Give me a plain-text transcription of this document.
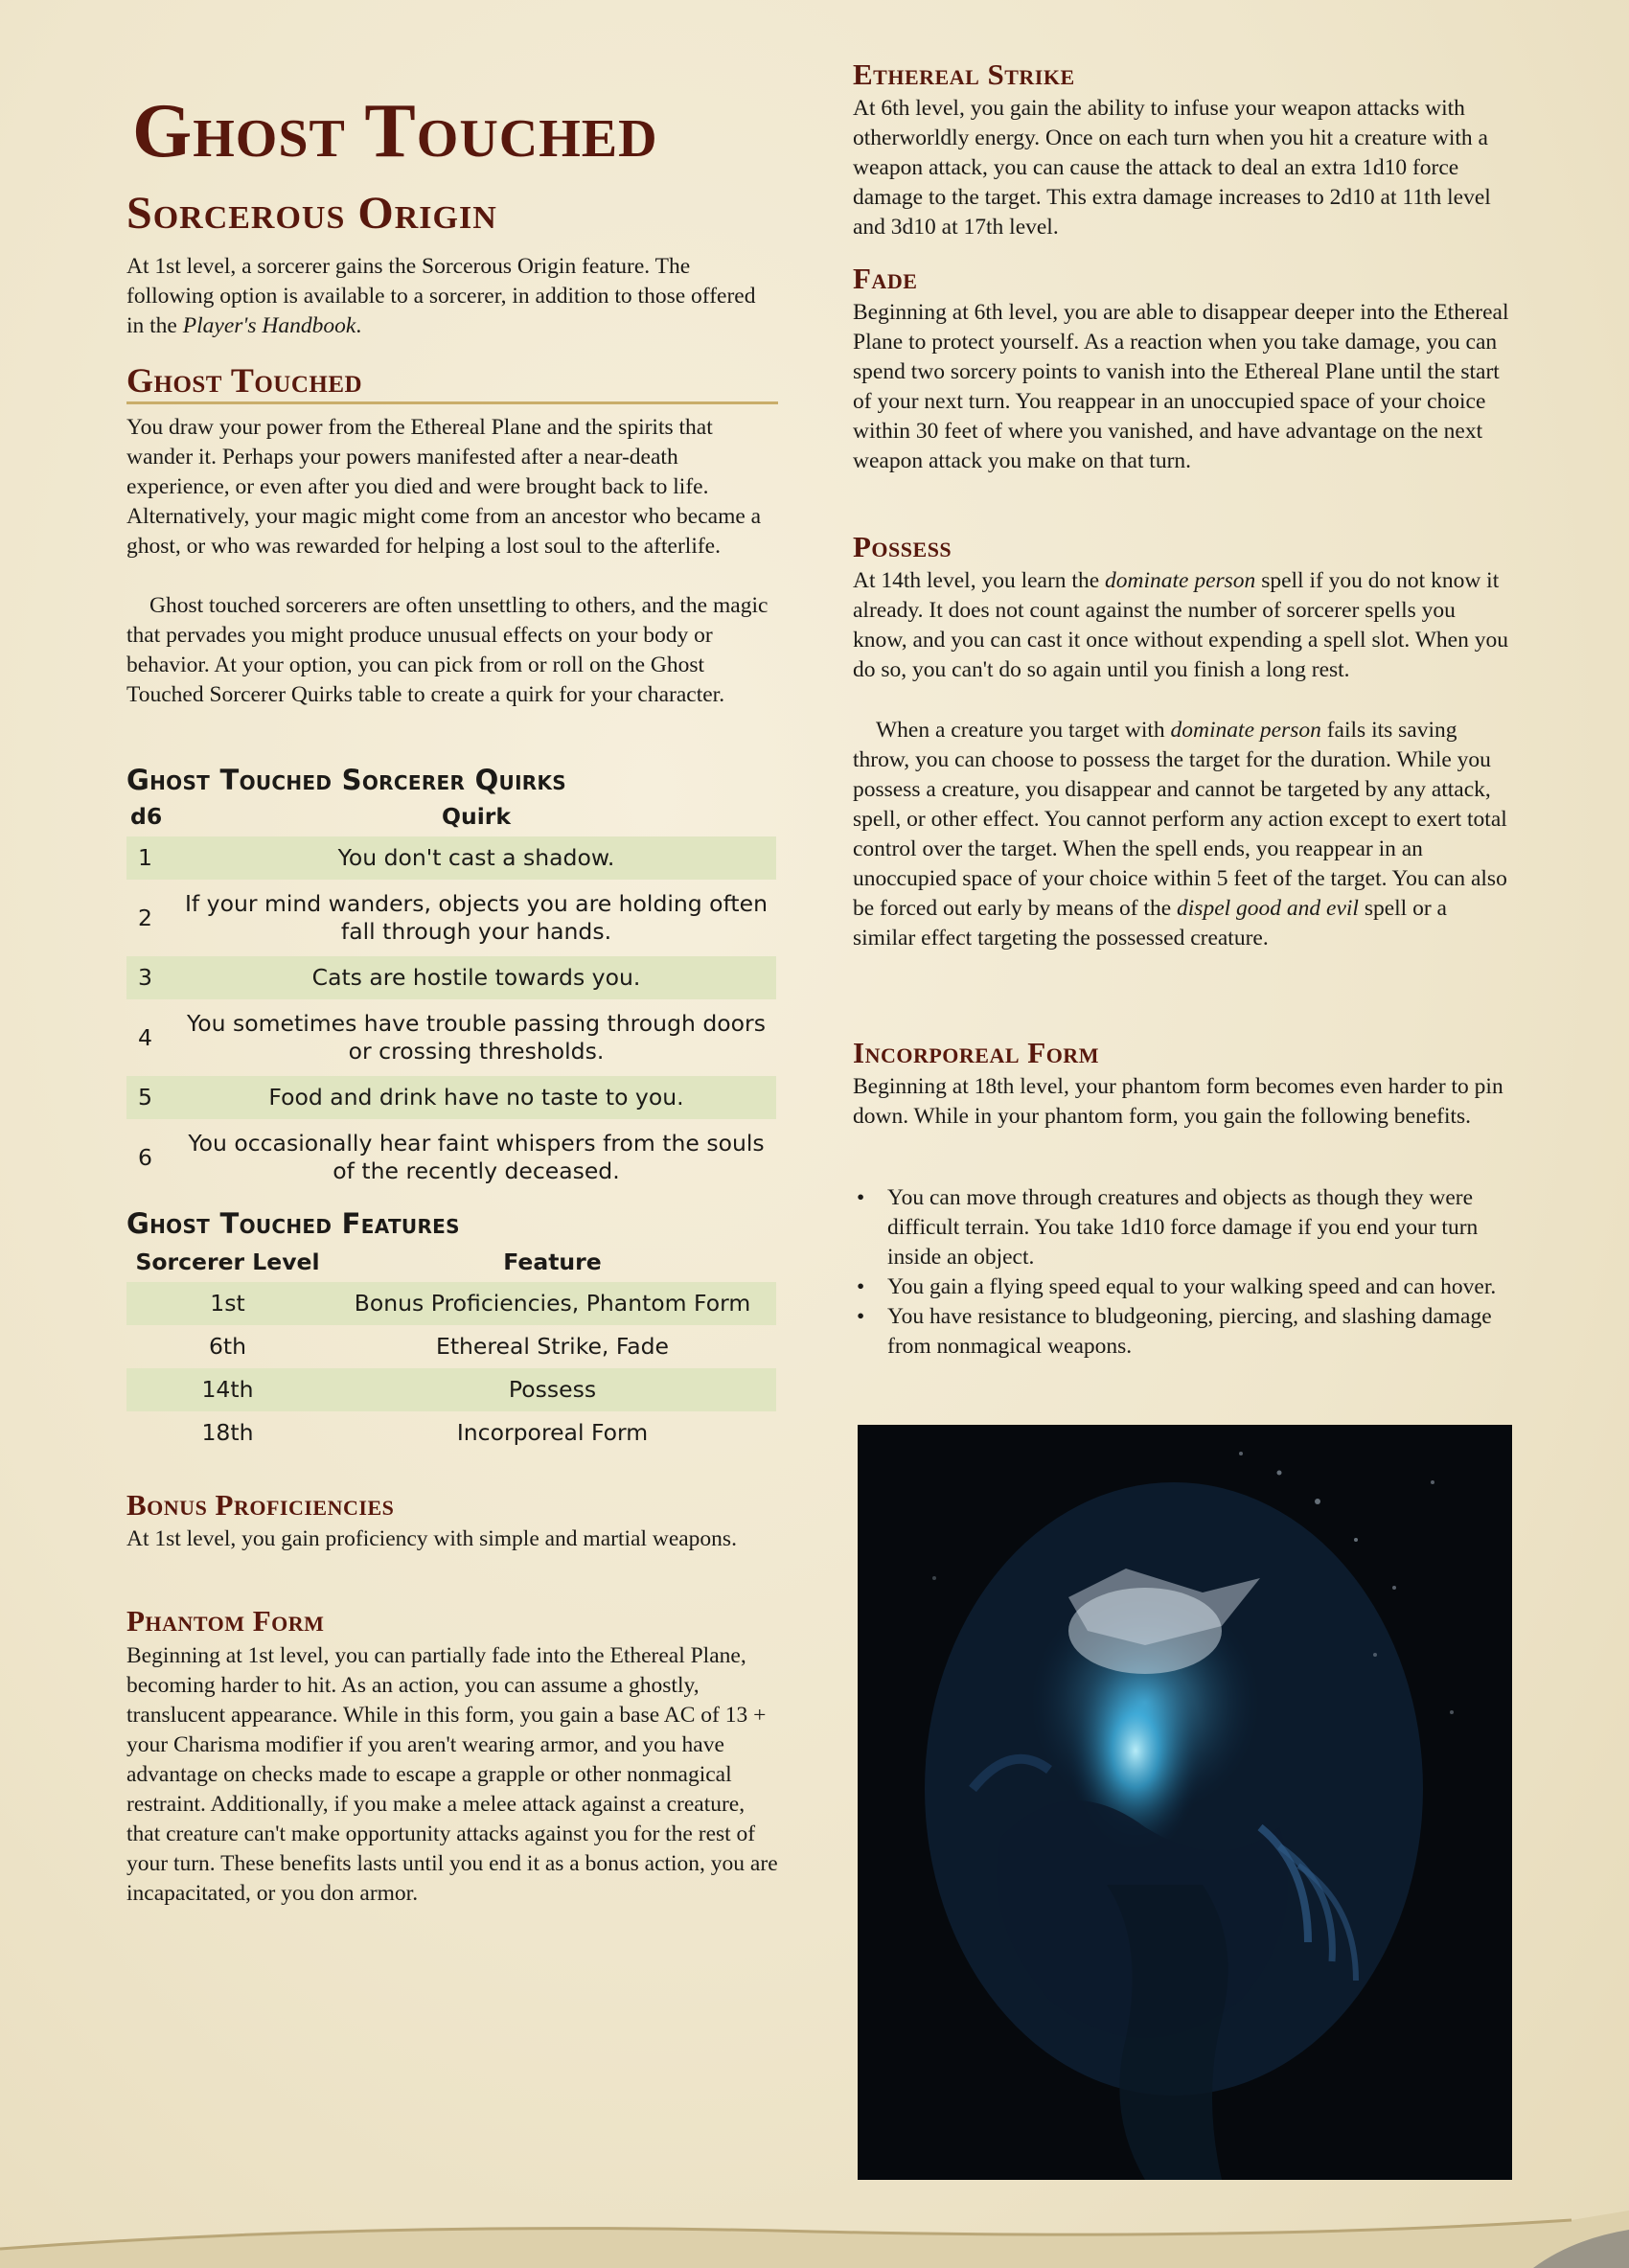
Ghost Touched
Sorcerous Origin

At 1st level, a sorcerer gains the Sorcerous Origin feature. The following option is available to a sorcerer, in addition to those offered in the Player's Handbook.

Ghost Touched

You draw your power from the Ethereal Plane and the spirits that wander it. Perhaps your powers manifested after a near-death experience, or even after you died and were brought back to life. Alternatively, your magic might come from an ancestor who became a ghost, or who was rewarded for helping a lost soul to the afterlife.

Ghost touched sorcerers are often unsettling to others, and the magic that pervades you might produce unusual effects on your body or behavior. At your option, you can pick from or roll on the Ghost Touched Sorcerer Quirks table to create a quirk for your character.

Ghost Touched Sorcerer Quirks
d6	Quirk
1	You don't cast a shadow.
2	If your mind wanders, objects you are holding often fall through your hands.
3	Cats are hostile towards you.
4	You sometimes have trouble passing through doors or crossing thresholds.
5	Food and drink have no taste to you.
6	You occasionally hear faint whispers from the souls of the recently deceased.
Ghost Touched Features
Sorcerer Level	Feature
1st	Bonus Proficiencies, Phantom Form
6th	Ethereal Strike, Fade
14th	Possess
18th	Incorporeal Form
Bonus Proficiencies

At 1st level, you gain proficiency with simple and martial weapons.

Phantom Form

Beginning at 1st level, you can partially fade into the Ethereal Plane, becoming harder to hit. As an action, you can assume a ghostly, translucent appearance. While in this form, you gain a base AC of 13 + your Charisma modifier if you aren't wearing armor, and you have advantage on checks made to escape a grapple or other nonmagical restraint. Additionally, if you make a melee attack against a creature, that creature can't make opportunity attacks against you for the rest of your turn. These benefits lasts until you end it as a bonus action, you are incapacitated, or you don armor.

Ethereal Strike

At 6th level, you gain the ability to infuse your weapon attacks with otherworldly energy. Once on each turn when you hit a creature with a weapon attack, you can cause the attack to deal an extra 1d10 force damage to the target. This extra damage increases to 2d10 at 11th level and 3d10 at 17th level.

Fade

Beginning at 6th level, you are able to disappear deeper into the Ethereal Plane to protect yourself. As a reaction when you take damage, you can spend two sorcery points to vanish into the Ethereal Plane until the start of your next turn. You reappear in an unoccupied space of your choice within 30 feet of where you vanished, and have advantage on the next weapon attack you make on that turn.

Possess

At 14th level, you learn the dominate person spell if you do not know it already. It does not count against the number of sorcerer spells you know, and you can cast it once without expending a spell slot. When you do so, you can't do so again until you finish a long rest.

When a creature you target with dominate person fails its saving throw, you can choose to possess the target for the duration. While you possess a creature, you disappear and cannot be targeted by any attack, spell, or other effect. You cannot perform any action except to exert total control over the target. When the spell ends, you reappear in an unoccupied space of your choice within 5 feet of the target. You can also be forced out early by means of the dispel good and evil spell or a similar effect targeting the possessed creature.

Incorporeal Form

Beginning at 18th level, your phantom form becomes even harder to pin down. While in your phantom form, you gain the following benefits.

• You can move through creatures and objects as though they were difficult terrain. You take 1d10 force damage if you end your turn inside an object.
• You gain a flying speed equal to your walking speed and can hover.
• You have resistance to bludgeoning, piercing, and slashing damage from nonmagical weapons.
